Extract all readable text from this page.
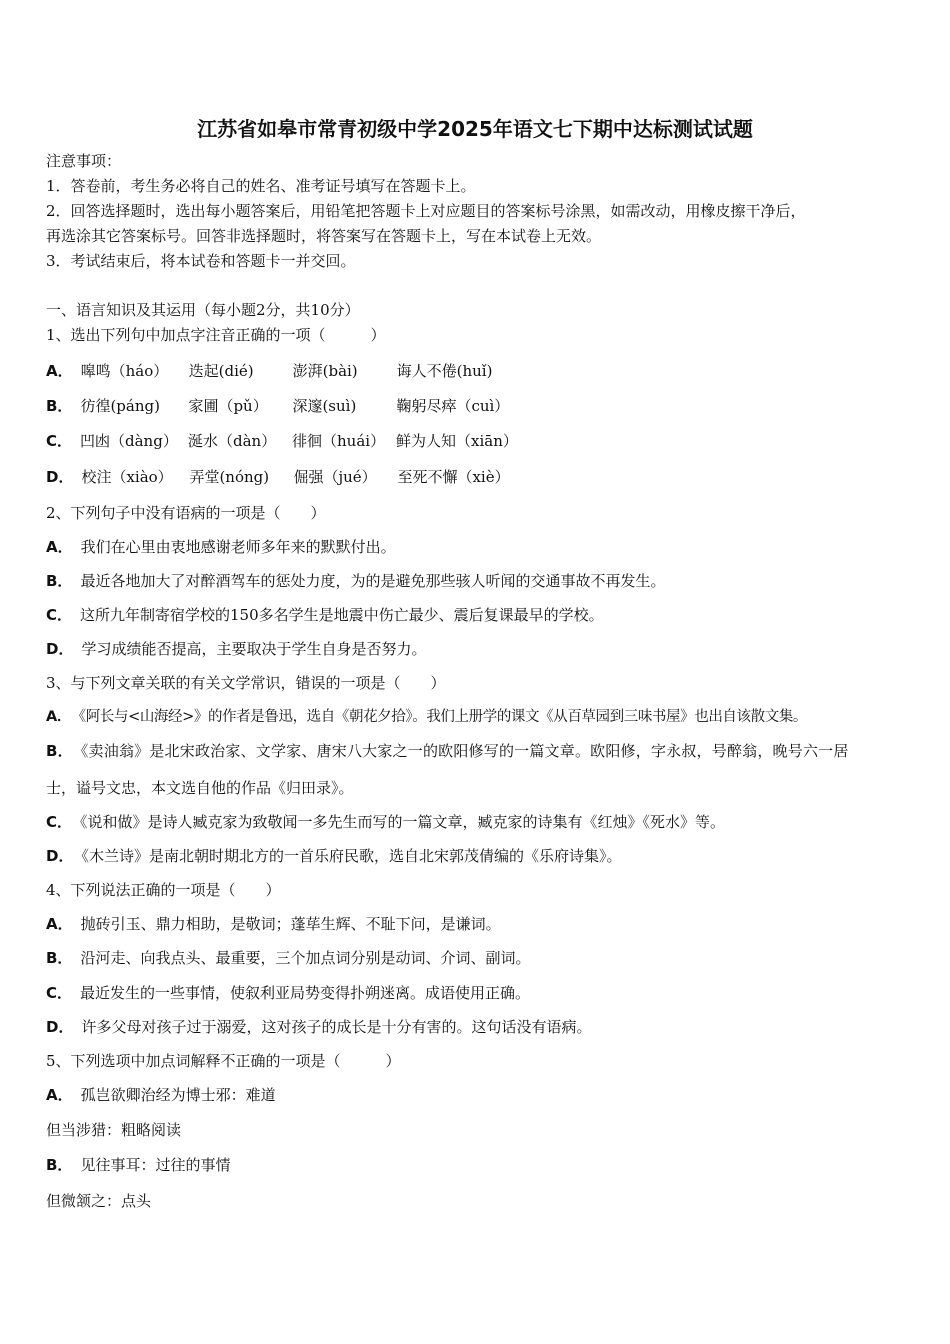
江苏省如皋市常青初级中学2025年语文七下期中达标测试试题
注意事项：
1．答卷前，考生务必将自己的姓名、准考证号填写在答题卡上。
2．回答选择题时，选出每小题答案后，用铅笔把答题卡上对应题目的答案标号涂黑，如需改动，用橡皮擦干净后，
再选涂其它答案标号。回答非选择题时，将答案写在答题卡上，写在本试卷上无效。
3．考试结束后，将本试卷和答题卡一并交回。
一、语言知识及其运用（每小题2分，共10分）
1、选出下列句中加点字注音正确的一项（　　　）
A． 嗥鸣（háo） 迭起(dié)	澎湃(bài)	诲人不倦(huǐ)
B． 彷徨(páng) 家圃（pǔ） 深邃(suì)	鞠躬尽瘁（cuì）
C． 凹凼（dàng） 涎水（dàn） 徘徊（huái） 鲜为人知（xiān）
D． 校注（xiào） 弄堂(nóng) 倔强（jué） 至死不懈（xiè）
2、下列句子中没有语病的一项是（　　）
A． 我们在心里由衷地感谢老师多年来的默默付出。
B． 最近各地加大了对醉酒驾车的惩处力度，为的是避免那些骇人听闻的交通事故不再发生。
C． 这所九年制寄宿学校的150多名学生是地震中伤亡最少、震后复课最早的学校。
D． 学习成绩能否提高，主要取决于学生自身是否努力。
3、与下列文章关联的有关文学常识，错误的一项是（　　）
A． 《阿长与<山海经>》的作者是鲁迅，选自《朝花夕拾》。我们上册学的课文《从百草园到三味书屋》也出自该散文集。
B． 《卖油翁》是北宋政治家、文学家、唐宋八大家之一的欧阳修写的一篇文章。欧阳修，字永叔，号醉翁，晚号六一居
士，谥号文忠，本文选自他的作品《归田录》。
C． 《说和做》是诗人臧克家为致敬闻一多先生而写的一篇文章，臧克家的诗集有《红烛》《死水》等。
D． 《木兰诗》是南北朝时期北方的一首乐府民歌，选自北宋郭茂倩编的《乐府诗集》。
4、下列说法正确的一项是（　　）
A． 抛砖引玉、鼎力相助，是敬词；蓬荜生辉、不耻下问，是谦词。
B． 沿河走、向我点头、最重要，三个加点词分别是动词、介词、副词。
C． 最近发生的一些事情，使叙利亚局势变得扑朔迷离。成语使用正确。
D． 许多父母对孩子过于溺爱，这对孩子的成长是十分有害的。这句话没有语病。
5、下列选项中加点词解释不正确的一项是（　　　）
A． 孤岂欲卿治经为博士邪：难道
但当涉猎：粗略阅读
B． 见往事耳：过往的事情
但微颔之：点头
